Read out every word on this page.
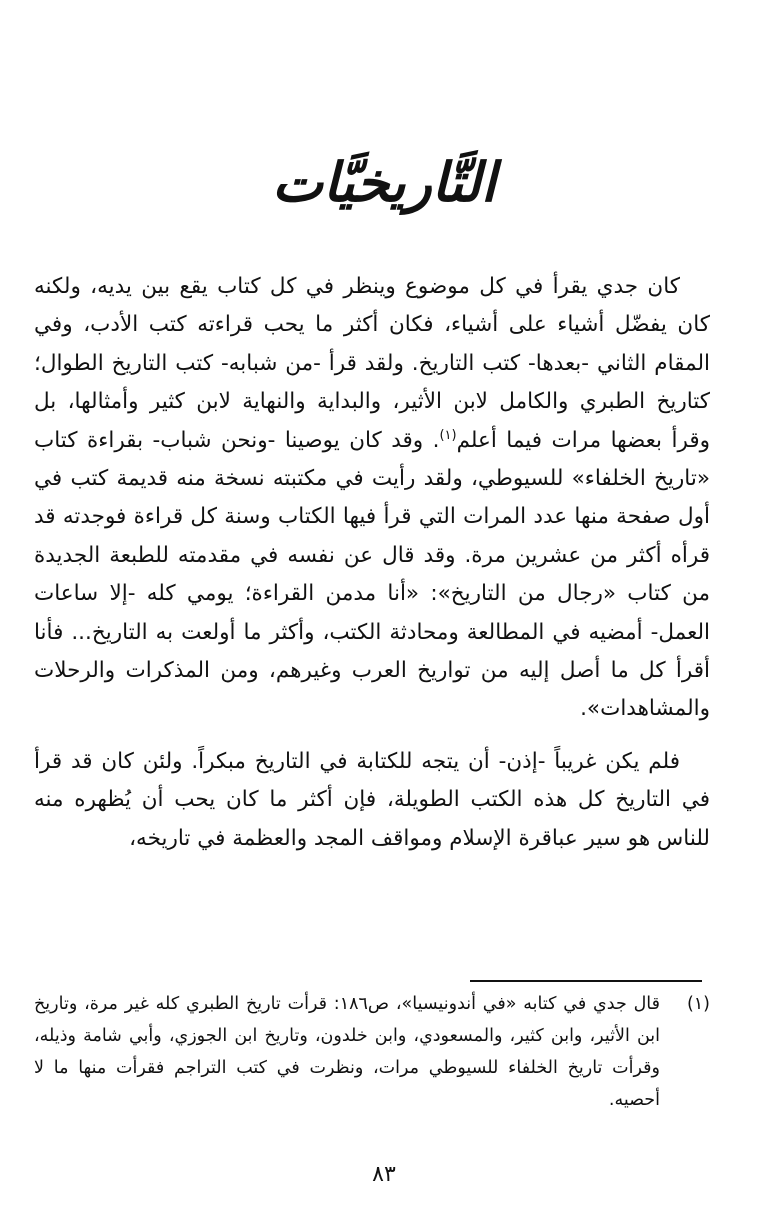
التَّاريخيَّات

كان جدي يقرأ في كل موضوع وينظر في كل كتاب يقع بين يديه، ولكنه كان يفضّل أشياء على أشياء، فكان أكثر ما يحب قراءته كتب الأدب، وفي المقام الثاني -بعدها- كتب التاريخ. ولقد قرأ -من شبابه- كتب التاريخ الطوال؛ كتاريخ الطبري والكامل لابن الأثير، والبداية والنهاية لابن كثير وأمثالها، بل وقرأ بعضها مرات فيما أعلم$^{(١)}$. وقد كان يوصينا -ونحن شباب- بقراءة كتاب «تاريخ الخلفاء» للسيوطي، ولقد رأيت في مكتبته نسخة منه قديمة كتب في أول صفحة منها عدد المرات التي قرأ فيها الكتاب وسنة كل قراءة فوجدته قد قرأه أكثر من عشرين مرة. وقد قال عن نفسه في مقدمته للطبعة الجديدة من كتاب «رجال من التاريخ»: «أنا مدمن القراءة؛ يومي كله -إلا ساعات العمل- أمضيه في المطالعة ومحادثة الكتب، وأكثر ما أولعت به التاريخ... فأنا أقرأ كل ما أصل إليه من تواريخ العرب وغيرهم، ومن المذكرات والرحلات والمشاهدات».

فلم يكن غريباً -إذن- أن يتجه للكتابة في التاريخ مبكراً. ولئن كان قد قرأ في التاريخ كل هذه الكتب الطويلة، فإن أكثر ما كان يحب أن يُظهره منه للناس هو سير عباقرة الإسلام ومواقف المجد والعظمة في تاريخه،

(١)
قال جدي في كتابه «في أندونيسيا»، ص١٨٦: قرأت تاريخ الطبري كله غير مرة، وتاريخ ابن الأثير، وابن كثير، والمسعودي، وابن خلدون، وتاريخ ابن الجوزي، وأبي شامة وذيله، وقرأت تاريخ الخلفاء للسيوطي مرات، ونظرت في كتب التراجم فقرأت منها ما لا أحصيه.
٨٣
